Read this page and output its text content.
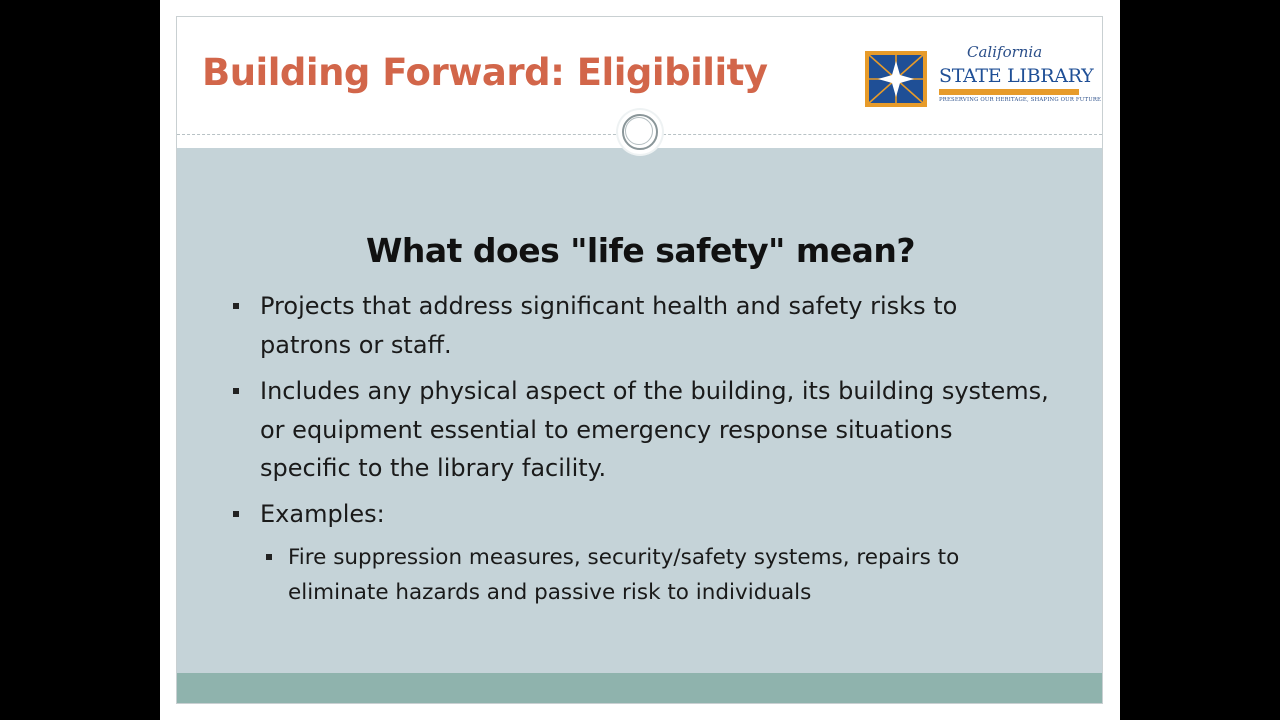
Building Forward: Eligibility	California
STATE LIBRARY
PRESERVING OUR HERITAGE, SHAPING OUR FUTURE
What does "life safety" mean?
Projects that address significant health and safety risks to patrons or staff.
Includes any physical aspect of the building, its building systems, or equipment essential to emergency response situations specific to the library facility.
Examples:
Fire suppression measures, security/safety systems, repairs to eliminate hazards and passive risk to individuals
